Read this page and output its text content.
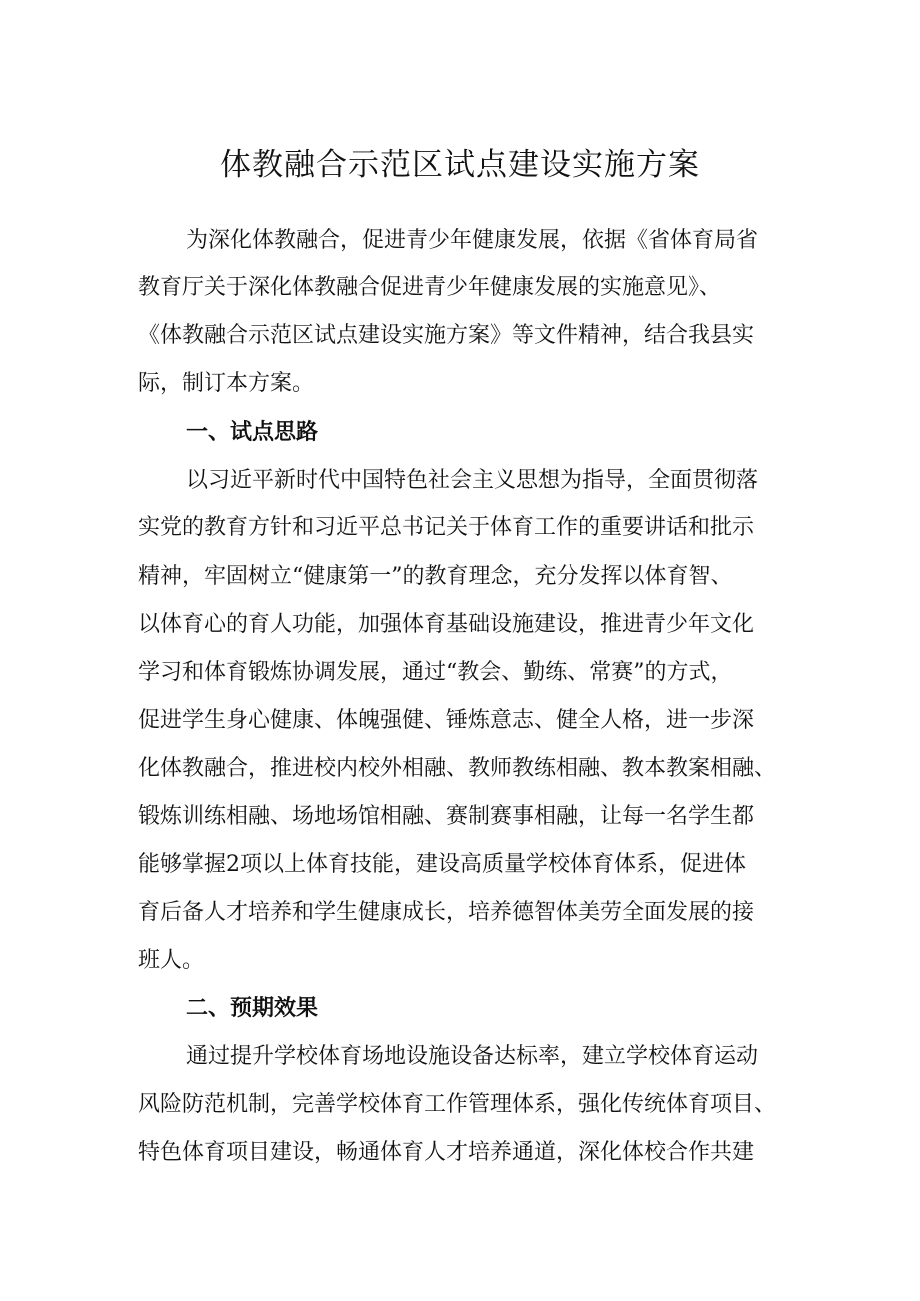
体教融合示范区试点建设实施方案
为深化体教融合，促进青少年健康发展，依据《省体育局省
教育厅关于深化体教融合促进青少年健康发展的实施意见》、
《体教融合示范区试点建设实施方案》等文件精神，结合我县实
际，制订本方案。
一、试点思路
以习近平新时代中国特色社会主义思想为指导，全面贯彻落
实党的教育方针和习近平总书记关于体育工作的重要讲话和批示
精神，牢固树立“健康第一”的教育理念，充分发挥以体育智、
以体育心的育人功能，加强体育基础设施建设，推进青少年文化
学习和体育锻炼协调发展，通过“教会、勤练、常赛”的方式，
促进学生身心健康、体魄强健、锤炼意志、健全人格，进一步深
化体教融合，推进校内校外相融、教师教练相融、教本教案相融、
锻炼训练相融、场地场馆相融、赛制赛事相融，让每一名学生都
能够掌握2项以上体育技能，建设高质量学校体育体系，促进体
育后备人才培养和学生健康成长，培养德智体美劳全面发展的接
班人。
二、预期效果
通过提升学校体育场地设施设备达标率，建立学校体育运动
风险防范机制，完善学校体育工作管理体系，强化传统体育项目、
特色体育项目建设，畅通体育人才培养通道，深化体校合作共建
